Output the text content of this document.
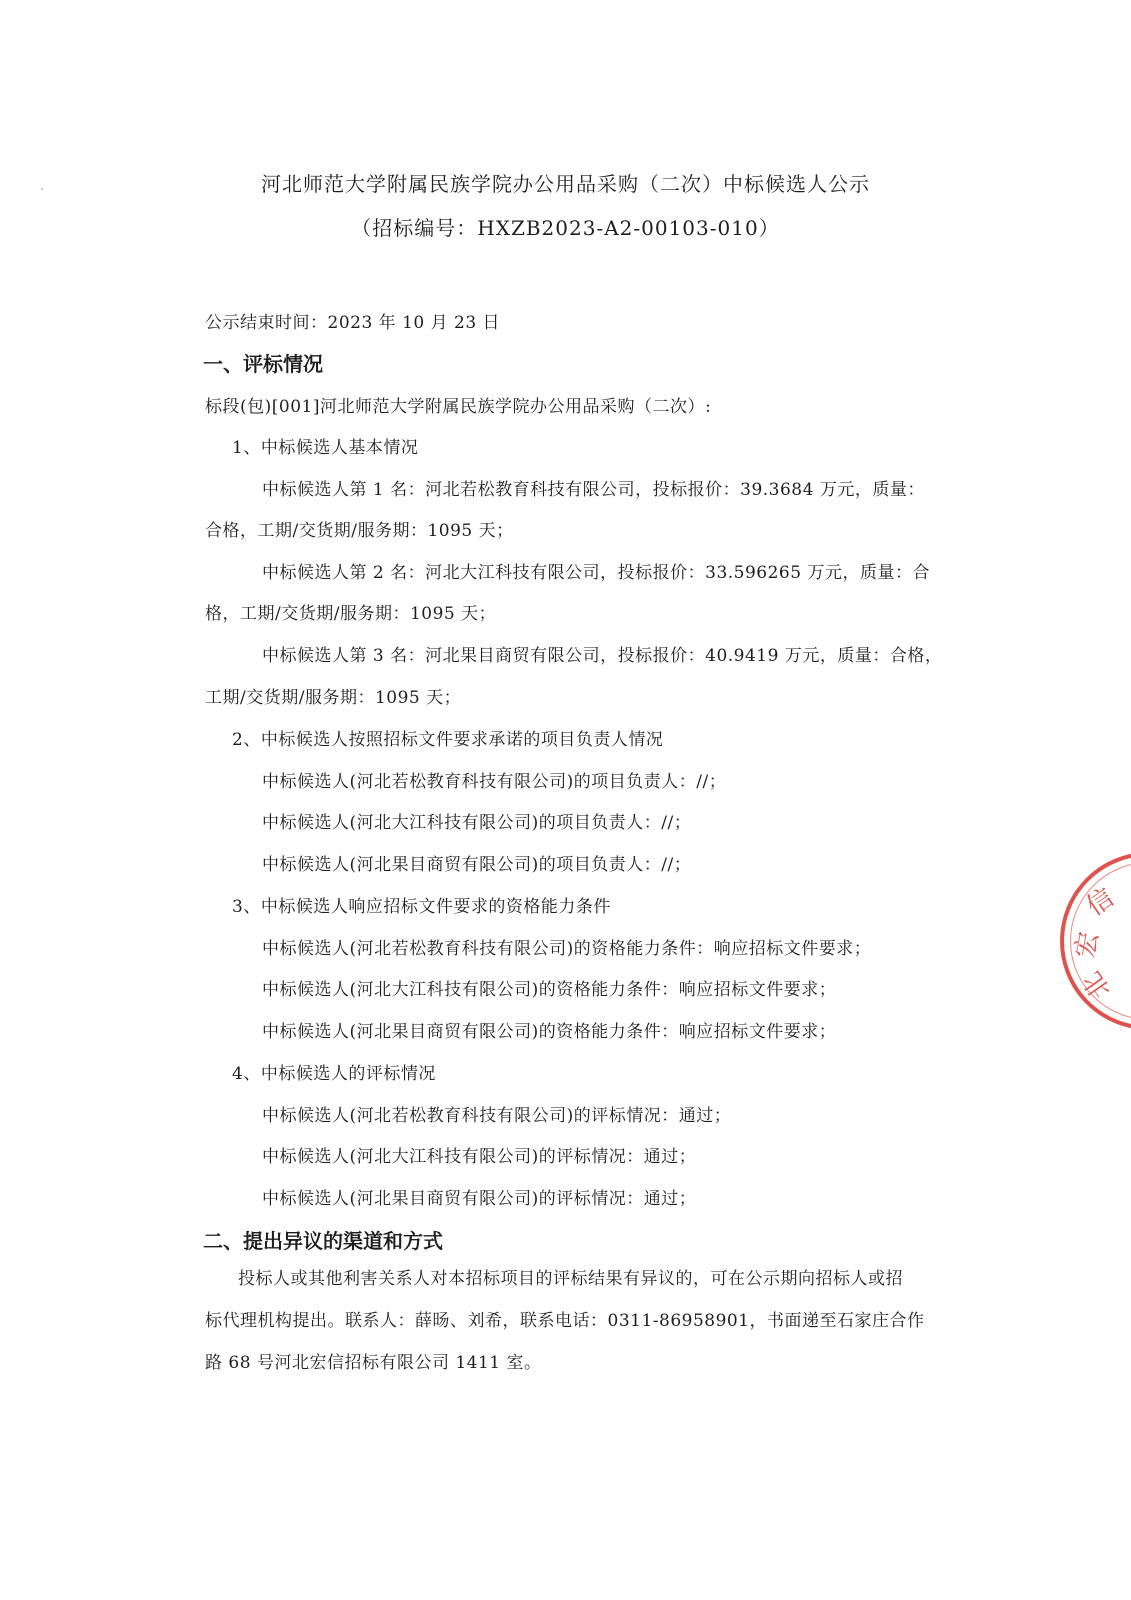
河北师范大学附属民族学院办公用品采购（二次）中标候选人公示
（招标编号：HXZB2023-A2-00103-010）
公示结束时间：2023 年 10 月 23 日
一、评标情况
标段(包)[001]河北师范大学附属民族学院办公用品采购（二次）:
1、中标候选人基本情况
中标候选人第 1 名：河北若松教育科技有限公司，投标报价：39.3684 万元，质量：
合格，工期/交货期/服务期：1095 天；
中标候选人第 2 名：河北大江科技有限公司，投标报价：33.596265 万元，质量：合
格，工期/交货期/服务期：1095 天；
中标候选人第 3 名：河北果目商贸有限公司，投标报价：40.9419 万元，质量：合格，
工期/交货期/服务期：1095 天；
2、中标候选人按照招标文件要求承诺的项目负责人情况
中标候选人(河北若松教育科技有限公司)的项目负责人：//；
中标候选人(河北大江科技有限公司)的项目负责人：//；
中标候选人(河北果目商贸有限公司)的项目负责人：//；
3、中标候选人响应招标文件要求的资格能力条件
中标候选人(河北若松教育科技有限公司)的资格能力条件：响应招标文件要求；
中标候选人(河北大江科技有限公司)的资格能力条件：响应招标文件要求；
中标候选人(河北果目商贸有限公司)的资格能力条件：响应招标文件要求；
4、中标候选人的评标情况
中标候选人(河北若松教育科技有限公司)的评标情况：通过；
中标候选人(河北大江科技有限公司)的评标情况：通过；
中标候选人(河北果目商贸有限公司)的评标情况：通过；
二、提出异议的渠道和方式
投标人或其他利害关系人对本招标项目的评标结果有异议的，可在公示期向招标人或招
标代理机构提出。联系人：薛旸、刘希，联系电话：0311-86958901，书面递至石家庄合作
路 68 号河北宏信招标有限公司 1411 室。
信
宏
北
